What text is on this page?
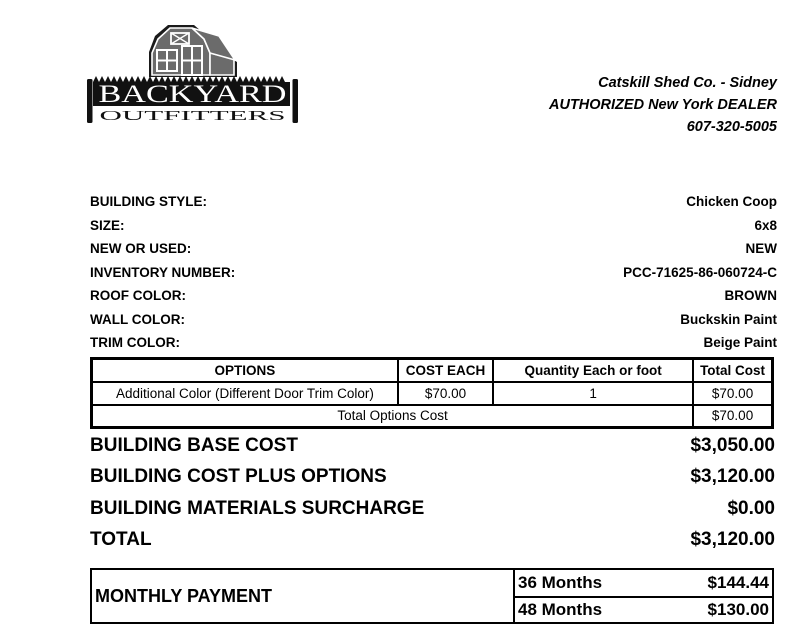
BACKYARD
OUTFITTERS
Catskill Shed Co. - Sidney
AUTHORIZED New York DEALER
607-320-5005
BUILDING STYLE:	Chicken Coop
SIZE:	6x8
NEW OR USED:	NEW
INVENTORY NUMBER:	PCC-71625-86-060724-C
ROOF COLOR:	BROWN
WALL COLOR:	Buckskin Paint
TRIM COLOR:	Beige Paint
OPTIONS	COST EACH	Quantity Each or foot	Total Cost
Additional Color (Different Door Trim Color)	$70.00	1	$70.00
Total Options Cost			$70.00
BUILDING BASE COST	$3,050.00
BUILDING COST PLUS OPTIONS	$3,120.00
BUILDING MATERIALS SURCHARGE	$0.00
TOTAL	$3,120.00
MONTHLY PAYMENT
36 Months	$144.44
48 Months	$130.00
